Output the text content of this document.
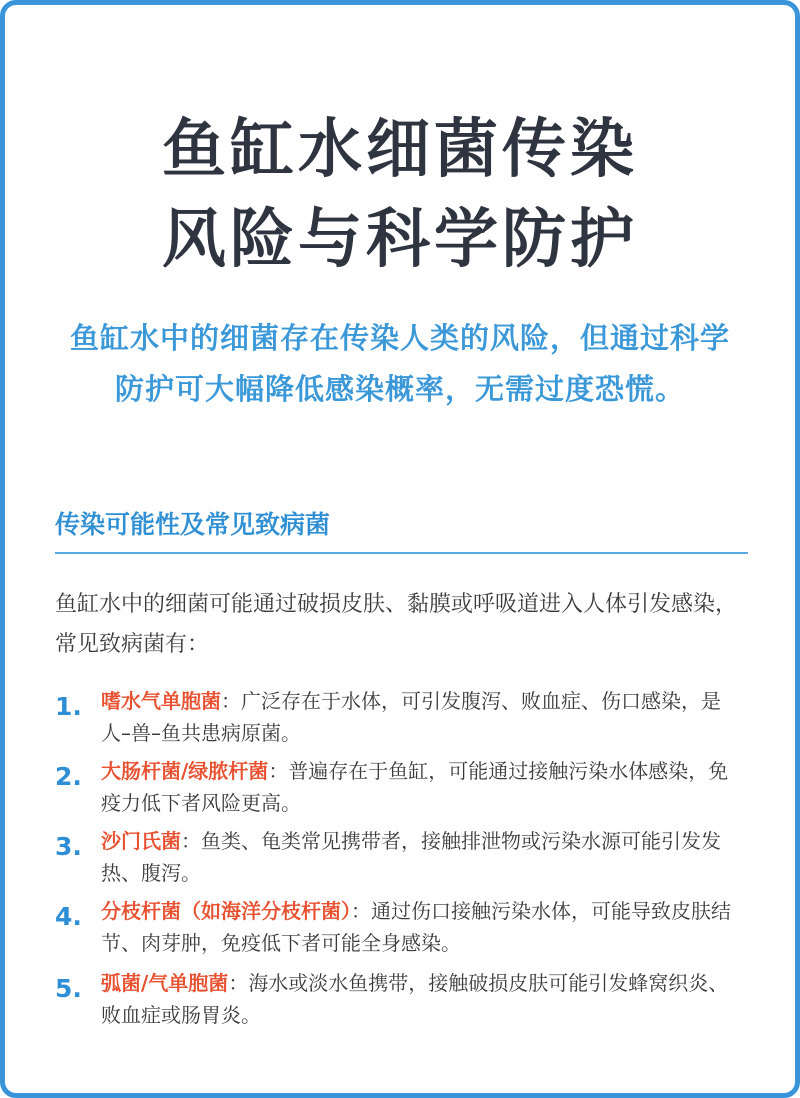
鱼缸水细菌传染
风险与科学防护

鱼缸水中的细菌存在传染人类的风险，但通过科学防护可大幅降低感染概率，无需过度恐慌。

传染可能性及常见致病菌

鱼缸水中的细菌可能通过破损皮肤、黏膜或呼吸道进入人体引发感染，常见致病菌有：

1. 嗜水气单胞菌：广泛存在于水体，可引发腹泻、败血症、伤口感染，是人–兽–鱼共患病原菌。
2. 大肠杆菌/绿脓杆菌：普遍存在于鱼缸，可能通过接触污染水体感染，免疫力低下者风险更高。
3. 沙门氏菌：鱼类、龟类常见携带者，接触排泄物或污染水源可能引发发热、腹泻。
4. 分枝杆菌（如海洋分枝杆菌）：通过伤口接触污染水体，可能导致皮肤结节、肉芽肿，免疫低下者可能全身感染。
5. 弧菌/气单胞菌：海水或淡水鱼携带，接触破损皮肤可能引发蜂窝织炎、败血症或肠胃炎。
